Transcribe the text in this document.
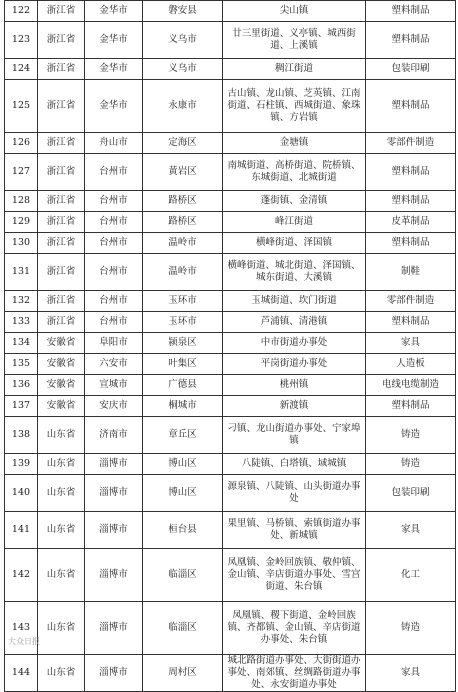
122	浙江省	金华市	磐安县	尖山镇	塑料制品
123	浙江省	金华市	义乌市	廿三里街道、义亭镇、城西街道、上溪镇	塑料制品
124	浙江省	金华市	义乌市	稠江街道	包装印刷
125	浙江省	金华市	永康市	古山镇、龙山镇、芝英镇、江南街道、石柱镇、西城街道、象珠镇、方岩镇	塑料制品
126	浙江省	舟山市	定海区	金塘镇	零部件制造
127	浙江省	台州市	黄岩区	南城街道、高桥街道、院桥镇、东城街道、北城街道	塑料制品
128	浙江省	台州市	路桥区	蓬街镇、金清镇	塑料制品
129	浙江省	台州市	路桥区	峰江街道	皮革制品
130	浙江省	台州市	温岭市	横峰街道、泽国镇	塑料制品
131	浙江省	台州市	温岭市	横峰街道、城北街道、泽国镇、城东街道、大溪镇	制鞋
132	浙江省	台州市	玉环市	玉城街道、坎门街道	零部件制造
133	浙江省	台州市	玉环市	芦浦镇、清港镇	塑料制品
134	安徽省	阜阳市	颍泉区	中市街道办事处	家具
135	安徽省	六安市	叶集区	平岗街道办事处	人造板
136	安徽省	宣城市	广德县	桃州镇	电线电缆制造
137	安徽省	安庆市	桐城市	新渡镇	塑料制品
138	山东省	济南市	章丘区	刁镇、龙山街道办事处、宁家埠镇	铸造
139	山东省	淄博市	博山区	八陡镇、白塔镇、域城镇	铸造
140	山东省	淄博市	博山区	源泉镇、八陡镇、山头街道办事处	包装印刷
141	山东省	淄博市	桓台县	果里镇、马桥镇、索镇街道办事处、新城镇	家具
142	山东省	淄博市	临淄区	凤凰镇、金岭回族镇、敬仲镇、金山镇、辛店街道办事处、雪宫街道、朱台镇	化工
143	山东省	淄博市	临淄区	凤凰镇、稷下街道、金岭回族镇、齐都镇、金山镇、辛店街道办事处、朱台镇	铸造
144	山东省	淄博市	周村区	城北路街道办事处、大街街道办事处、南郊镇、丝绸路街道办事处、永安街道办事处	家具
大众日报
